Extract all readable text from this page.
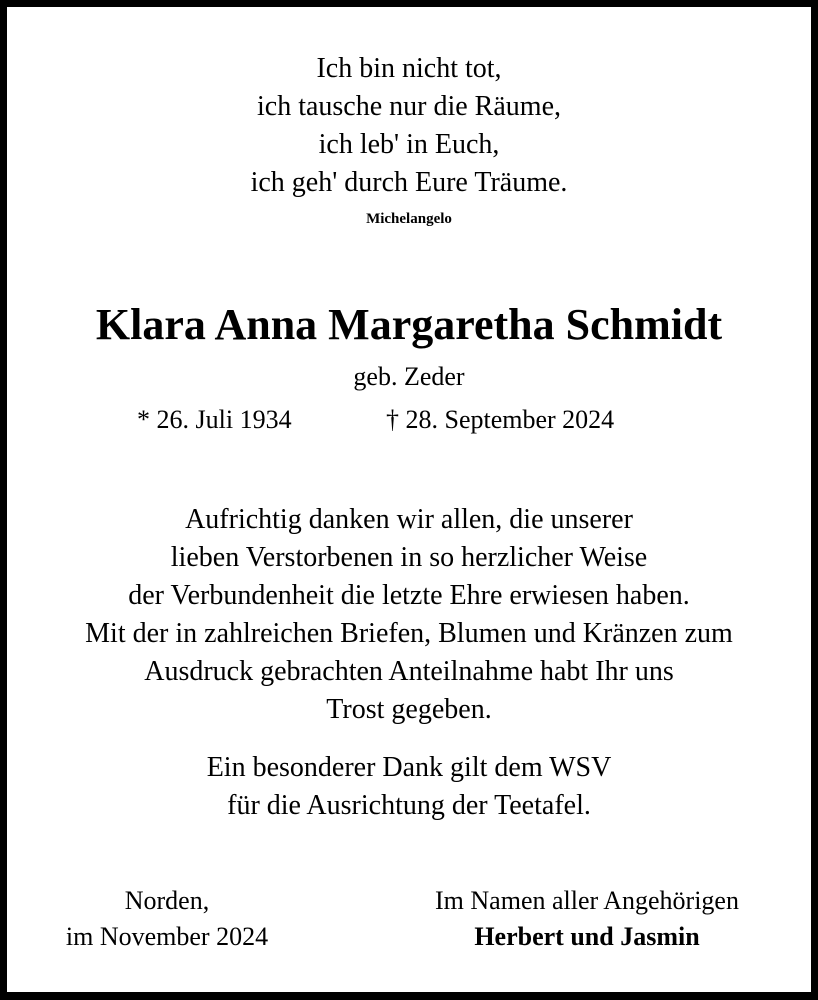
Ich bin nicht tot,
ich tausche nur die Räume,
ich leb' in Euch,
ich geh' durch Eure Träume.
Michelangelo
Klara Anna Margaretha Schmidt
geb. Zeder
* 26. Juli 1934	† 28. September 2024
Aufrichtig danken wir allen, die unserer
lieben Verstorbenen in so herzlicher Weise
der Verbundenheit die letzte Ehre erwiesen haben.
Mit der in zahlreichen Briefen, Blumen und Kränzen zum
Ausdruck gebrachten Anteilnahme habt Ihr uns
Trost gegeben.
Ein besonderer Dank gilt dem WSV
für die Ausrichtung der Teetafel.
Norden,
im November 2024
Im Namen aller Angehörigen
Herbert und Jasmin
